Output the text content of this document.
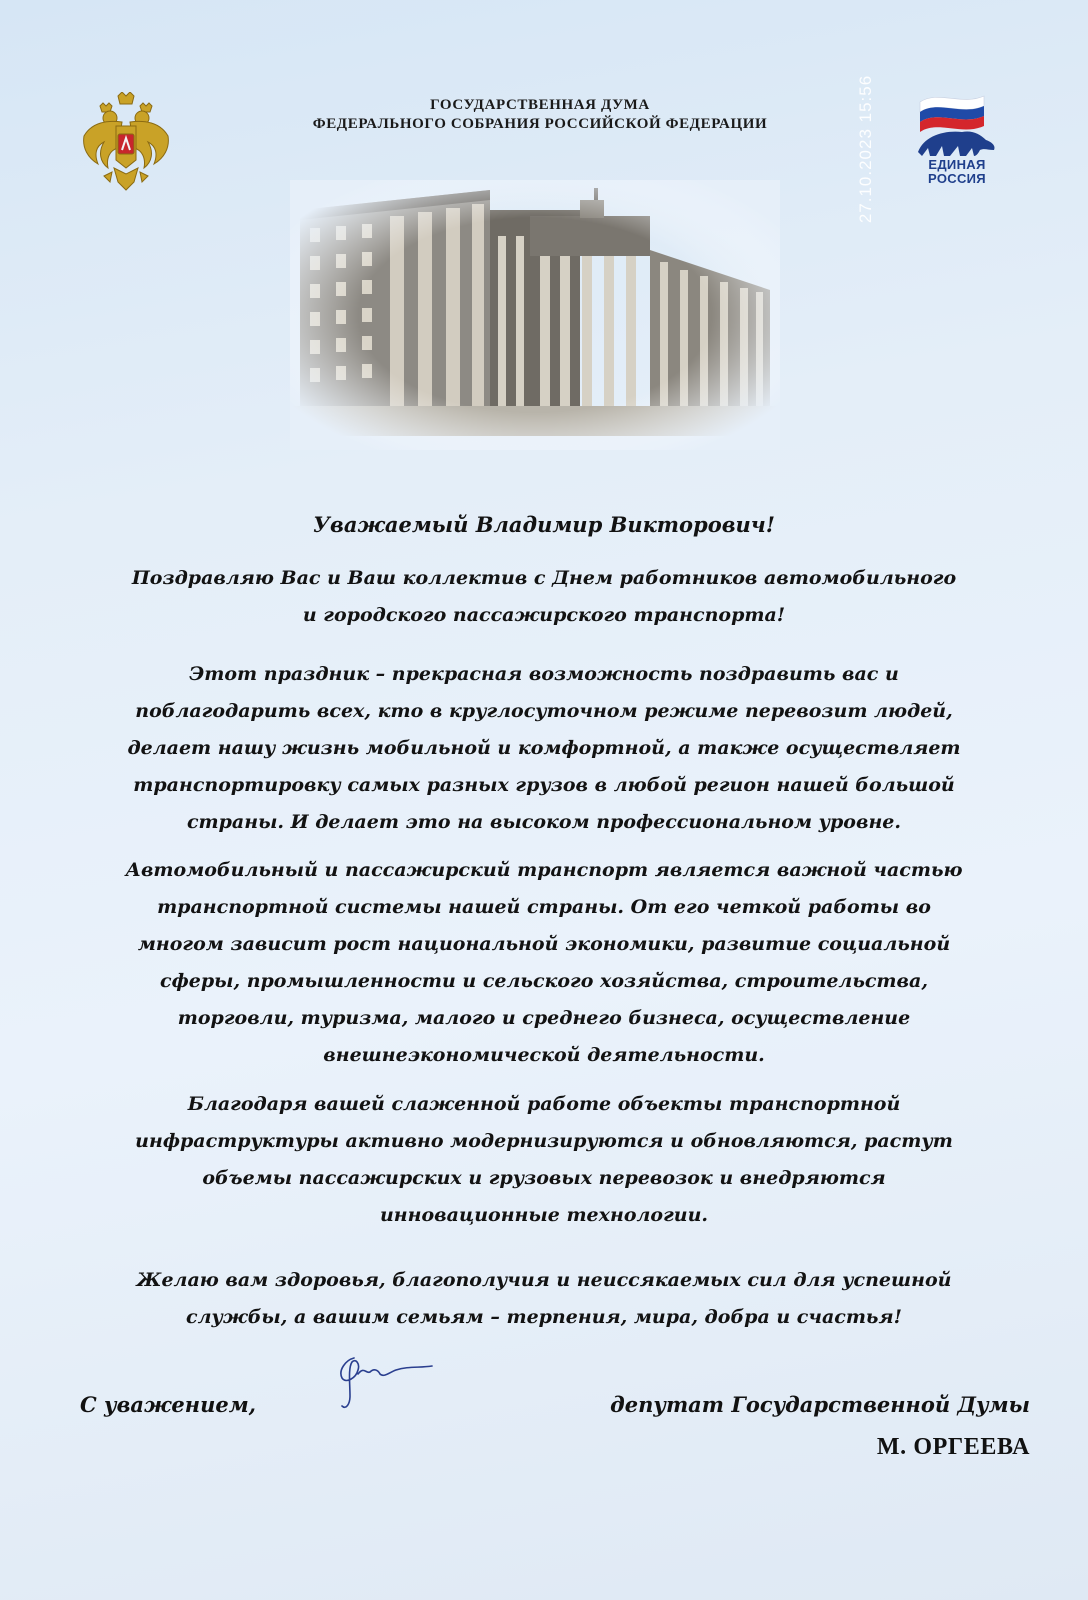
27.10.2023 15:56
ГОСУДАРСТВЕННАЯ ДУМА
ФЕДЕРАЛЬНОГО СОБРАНИЯ РОССИЙСКОЙ ФЕДЕРАЦИИ
ЕДИНАЯ
РОССИЯ
Уважаемый Владимир Викторович!
Поздравляю Вас и Ваш коллектив с Днем работников автомобильного
и городского пассажирского транспорта!
Этот праздник – прекрасная возможность поздравить вас и
поблагодарить всех, кто в круглосуточном режиме перевозит людей,
делает нашу жизнь мобильной и комфортной, а также осуществляет
транспортировку самых разных грузов в любой регион нашей большой
страны. И делает это на высоком профессиональном уровне.
Автомобильный и пассажирский транспорт является важной частью
транспортной системы нашей страны. От его четкой работы во
многом зависит рост национальной экономики, развитие социальной
сферы, промышленности и сельского хозяйства, строительства,
торговли, туризма, малого и среднего бизнеса, осуществление
внешнеэкономической деятельности.
Благодаря вашей слаженной работе объекты транспортной
инфраструктуры активно модернизируются и обновляются, растут
объемы пассажирских и грузовых перевозок и внедряются
инновационные технологии.
Желаю вам здоровья, благополучия и неиссякаемых сил для успешной
службы, а вашим семьям – терпения, мира, добра и счастья!
С уважением,	депутат Государственной Думы
М. ОРГЕЕВА
